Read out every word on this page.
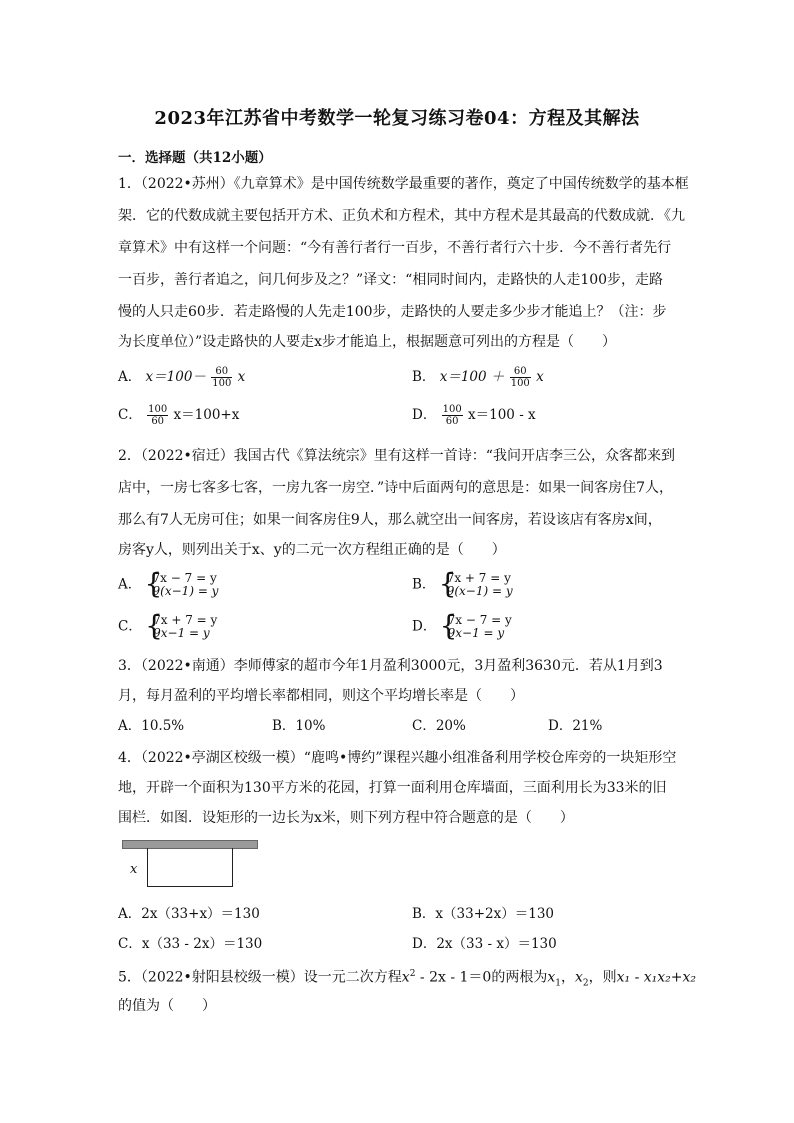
2023年江苏省中考数学一轮复习练习卷04：方程及其解法
一．选择题（共12小题）
1．（2022•苏州）《九章算术》是中国传统数学最重要的著作，奠定了中国传统数学的基本框
架．它的代数成就主要包括开方术、正负术和方程术，其中方程术是其最高的代数成就．《九
章算术》中有这样一个问题：“今有善行者行一百步，不善行者行六十步．今不善行者先行
一百步，善行者追之，问几何步及之？”译文：“相同时间内，走路快的人走100步，走路
慢的人只走60步．若走路慢的人先走100步，走路快的人要走多少步才能追上？（注：步
为长度单位）”设走路快的人要走x步才能追上，根据题意可列出的方程是（　　）
A． $x=100- \frac{60}{100}$ x	B． $x=100 + \frac{60}{100}$ x
C． $\frac{100}{60} x=100+x$	D． $\frac{100}{60} x=100 - x$
2．（2022•宿迁）我国古代《算法统宗》里有这样一首诗：“我问开店李三公，众客都来到
店中，一房七客多七客，一房九客一房空．”诗中后面两句的意思是：如果一间客房住7人，
那么有7人无房可住；如果一间客房住9人，那么就空出一间客房，若设该店有客房x间，
房客y人，则列出关于x、y的二元一次方程组正确的是（　　）
A． { 7x − 7 = y
9(x−1) = y	B． { 7x + 7 = y
9(x−1) = y
C． { 7x + 7 = y
9x−1 = y	D． { 7x − 7 = y
9x−1 = y
3．（2022•南通）李师傅家的超市今年1月盈利3000元，3月盈利3630元．若从1月到3
月，每月盈利的平均增长率都相同，则这个平均增长率是（　　）
A．10.5%	B．10%	C．20%	D．21%
4．（2022•亭湖区校级一模）“鹿鸣•博约”课程兴趣小组准备利用学校仓库旁的一块矩形空
地，开辟一个面积为130平方米的花园，打算一面利用仓库墙面，三面利用长为33米的旧
围栏．如图．设矩形的一边长为x米，则下列方程中符合题意的是（　　）
x
A．2x（33+x）＝130	B．x（33+2x）＝130
C．x（33 - 2x）＝130	D．2x（33 - x）＝130
5．（2022•射阳县校级一模）设一元二次方程$x^2 - 2x - 1=0$的两根为$x_1$，$x_2$，则x₁ - x₁x₂+x₂
的值为（　　）
